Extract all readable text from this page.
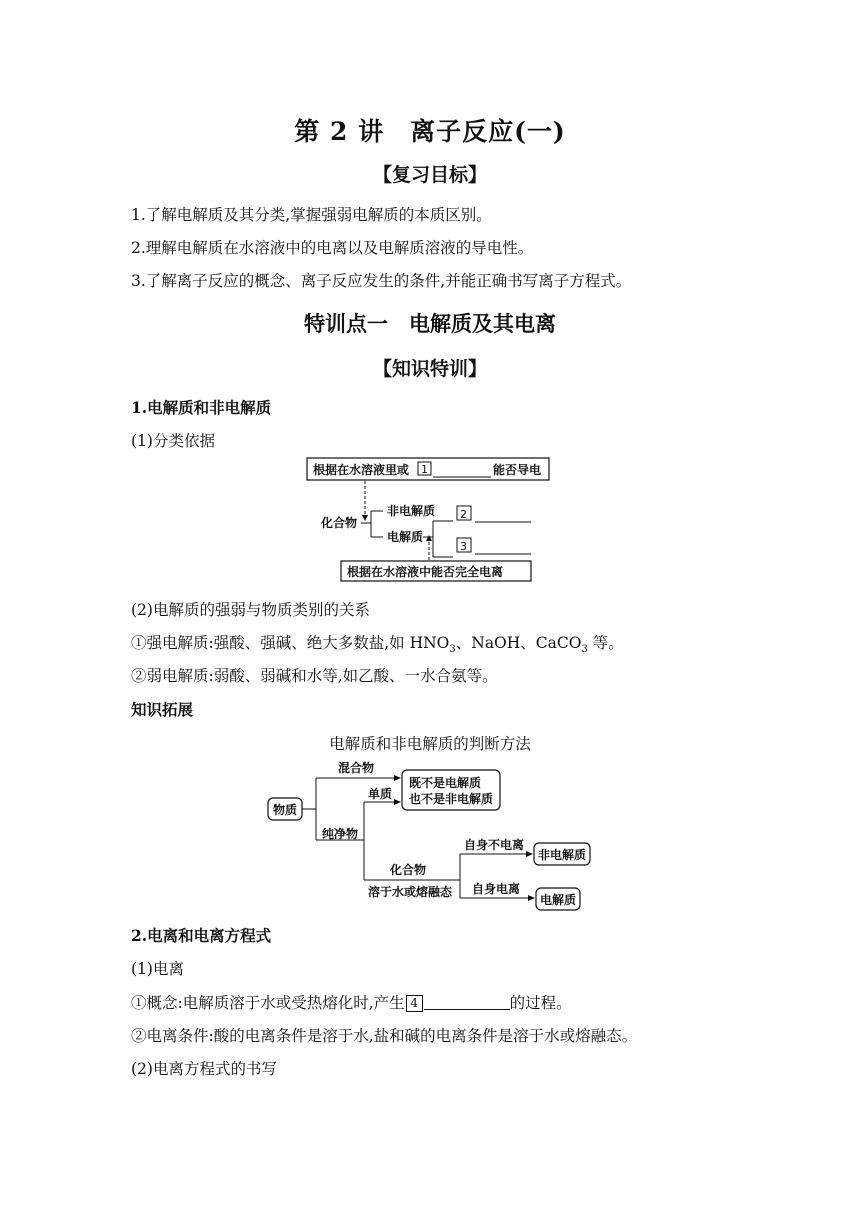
第 2 讲　离子反应(一)
【复习目标】
1.了解电解质及其分类,掌握强弱电解质的本质区别。
2.理解电解质在水溶液中的电离以及电解质溶液的导电性。
3.了解离子反应的概念、离子反应发生的条件,并能正确书写离子方程式。
特训点一　电解质及其电离
【知识特训】
1.电解质和非电解质
(1)分类依据
根据在水溶液里或 1	能否导电
化合物
非电解质
电解质
2
3
根据在水溶液中能否完全电离
(2)电解质的强弱与物质类别的关系
①强电解质:强酸、强碱、绝大多数盐,如 $HNO_3$、NaOH、CaCO$_3$ 等。
②弱电解质:弱酸、弱碱和水等,如乙酸、一水合氨等。
知识拓展
电解质和非电解质的判断方法
物质
混合物
纯净物
单质
既不是电解质
也不是非电解质
化合物
溶于水或熔融态
自身不电离
非电解质
自身电离
电解质
2.电离和电离方程式
(1)电离
①概念:电解质溶于水或受热熔化时,产生 4	的过程。
②电离条件:酸的电离条件是溶于水,盐和碱的电离条件是溶于水或熔融态。
(2)电离方程式的书写
